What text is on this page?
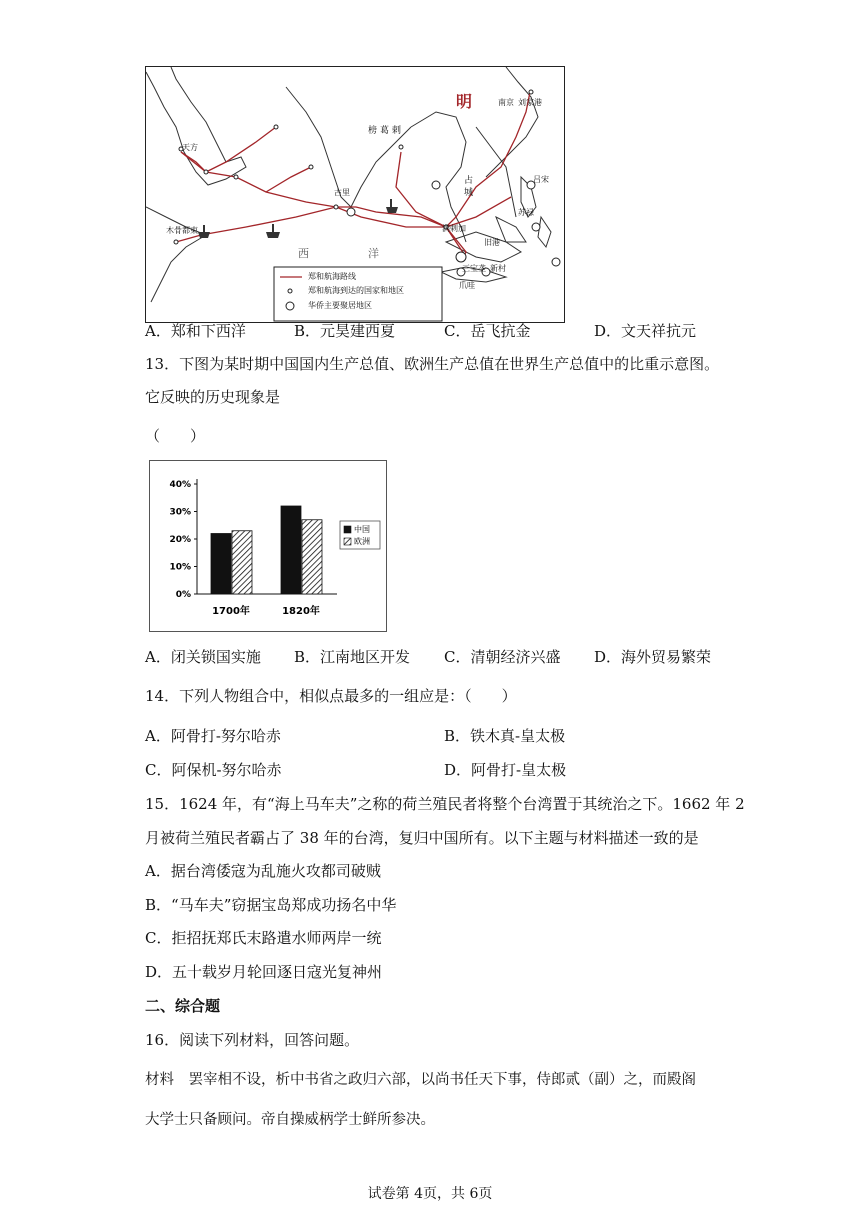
明	南京 刘家港
天方
古里
木骨都束
榜葛剌
占城
满剌加
吕宋
苏禄
旧港
三宝垄 新村
爪哇
西	洋
郑和航海路线
郑和航海到达的国家和地区
华侨主要聚居地区
A．郑和下西洋	B．元昊建西夏	C．岳飞抗金	D．文天祥抗元
13．下图为某时期中国国内生产总值、欧洲生产总值在世界生产总值中的比重示意图。
它反映的历史现象是
（　　）
0%
10%
20%
30%
40%
1700年	1820年
中国
欧洲
A．闭关锁国实施 B．江南地区开发 C．清朝经济兴盛 D．海外贸易繁荣
14．下列人物组合中，相似点最多的一组应是：（　　）
A．阿骨打-努尔哈赤	B．铁木真-皇太极
C．阿保机-努尔哈赤	D．阿骨打-皇太极
15．1624 年，有“海上马车夫”之称的荷兰殖民者将整个台湾置于其统治之下。1662 年 2
月被荷兰殖民者霸占了 38 年的台湾，复归中国所有。以下主题与材料描述一致的是
A．据台湾倭寇为乱施火攻都司破贼
B．“马车夫”窃据宝岛郑成功扬名中华
C．拒招抚郑氏末路遣水师两岸一统
D．五十载岁月轮回逐日寇光复神州
二、综合题
16．阅读下列材料，回答问题。
材料　罢宰相不设，析中书省之政归六部，以尚书任天下事，侍郎贰（副）之，而殿阁
大学士只备顾问。帝自操威柄学士鲜所参决。
试卷第 4页，共 6页
